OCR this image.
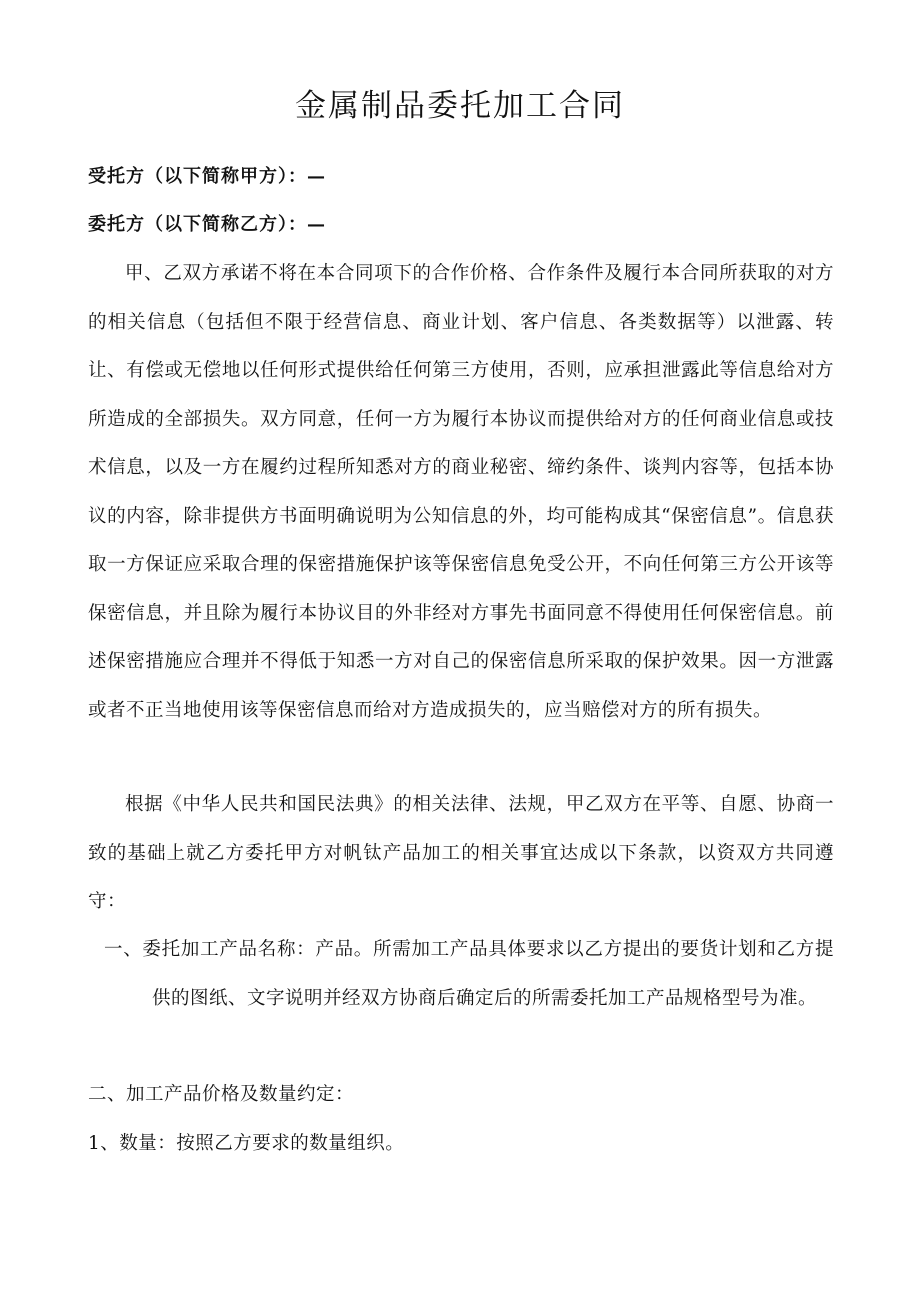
金属制品委托加工合同

受托方（以下简称甲方）：—

委托方（以下简称乙方）：—

甲、乙双方承诺不将在本合同项下的合作价格、合作条件及履行本合同所获取的对方的相关信息（包括但不限于经营信息、商业计划、客户信息、各类数据等）以泄露、转让、有偿或无偿地以任何形式提供给任何第三方使用，否则，应承担泄露此等信息给对方所造成的全部损失。双方同意，任何一方为履行本协议而提供给对方的任何商业信息或技术信息，以及一方在履约过程所知悉对方的商业秘密、缔约条件、谈判内容等，包括本协议的内容，除非提供方书面明确说明为公知信息的外，均可能构成其“保密信息”。信息获取一方保证应采取合理的保密措施保护该等保密信息免受公开，不向任何第三方公开该等保密信息，并且除为履行本协议目的外非经对方事先书面同意不得使用任何保密信息。前述保密措施应合理并不得低于知悉一方对自己的保密信息所采取的保护效果。因一方泄露或者不正当地使用该等保密信息而给对方造成损失的，应当赔偿对方的所有损失。

根据《中华人民共和国民法典》的相关法律、法规，甲乙双方在平等、自愿、协商一致的基础上就乙方委托甲方对帆钛产品加工的相关事宜达成以下条款，以资双方共同遵守：

一、委托加工产品名称：产品。所需加工产品具体要求以乙方提出的要货计划和乙方提供的图纸、文字说明并经双方协商后确定后的所需委托加工产品规格型号为准。

二、加工产品价格及数量约定：

1、数量：按照乙方要求的数量组织。
